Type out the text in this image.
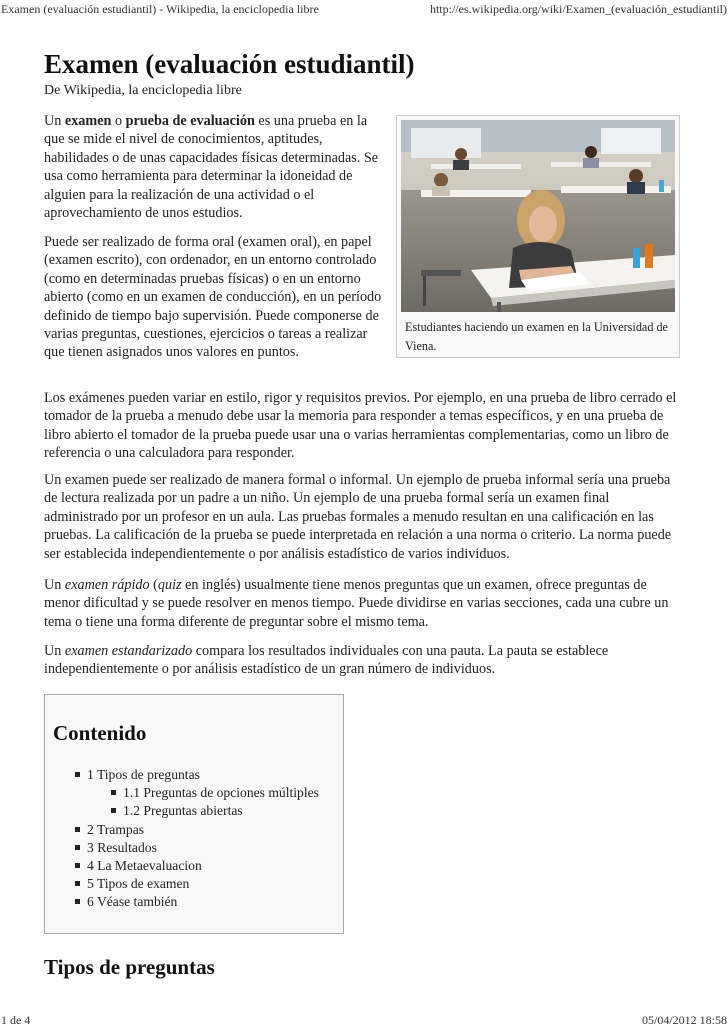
Examen (evaluación estudiantil) - Wikipedia, la enciclopedia libre	http://es.wikipedia.org/wiki/Examen_(evaluación_estudiantil)
Examen (evaluación estudiantil)
De Wikipedia, la enciclopedia libre

Un examen o prueba de evaluación es una prueba en la que se mide el nivel de conocimientos, aptitudes, habilidades o de unas capacidades físicas determinadas. Se usa como herramienta para determinar la idoneidad de alguien para la realización de una actividad o el aprovechamiento de unos estudios.

Puede ser realizado de forma oral (examen oral), en papel (examen escrito), con ordenador, en un entorno controlado (como en determinadas pruebas físicas) o en un entorno abierto (como en un examen de conducción), en un período definido de tiempo bajo supervisión. Puede componerse de varias preguntas, cuestiones, ejercicios o tareas a realizar que tienen asignados unos valores en puntos.

Estudiantes haciendo un examen en la Universidad de Viena.

Los exámenes pueden variar en estilo, rigor y requisitos previos. Por ejemplo, en una prueba de libro cerrado el tomador de la prueba a menudo debe usar la memoria para responder a temas específicos, y en una prueba de libro abierto el tomador de la prueba puede usar una o varias herramientas complementarias, como un libro de referencia o una calculadora para responder.

Un examen puede ser realizado de manera formal o informal. Un ejemplo de prueba informal sería una prueba de lectura realizada por un padre a un niño. Un ejemplo de una prueba formal sería un examen final administrado por un profesor en un aula. Las pruebas formales a menudo resultan en una calificación en las pruebas. La calificación de la prueba se puede interpretada en relación a una norma o criterio. La norma puede ser establecida independientemente o por análisis estadístico de varios individuos.

Un examen rápido (quiz en inglés) usualmente tiene menos preguntas que un examen, ofrece preguntas de menor dificultad y se puede resolver en menos tiempo. Puede dividirse en varias secciones, cada una cubre un tema o tiene una forma diferente de preguntar sobre el mismo tema.

Un examen estandarizado compara los resultados individuales con una pauta. La pauta se establece independientemente o por análisis estadístico de un gran número de individuos.

Contenido
1 Tipos de preguntas
1.1 Preguntas de opciones múltiples
1.2 Preguntas abiertas
2 Trampas
3 Resultados
4 La Metaevaluacion
5 Tipos de examen
6 Véase también
Tipos de preguntas
1 de 4	05/04/2012 18:58
